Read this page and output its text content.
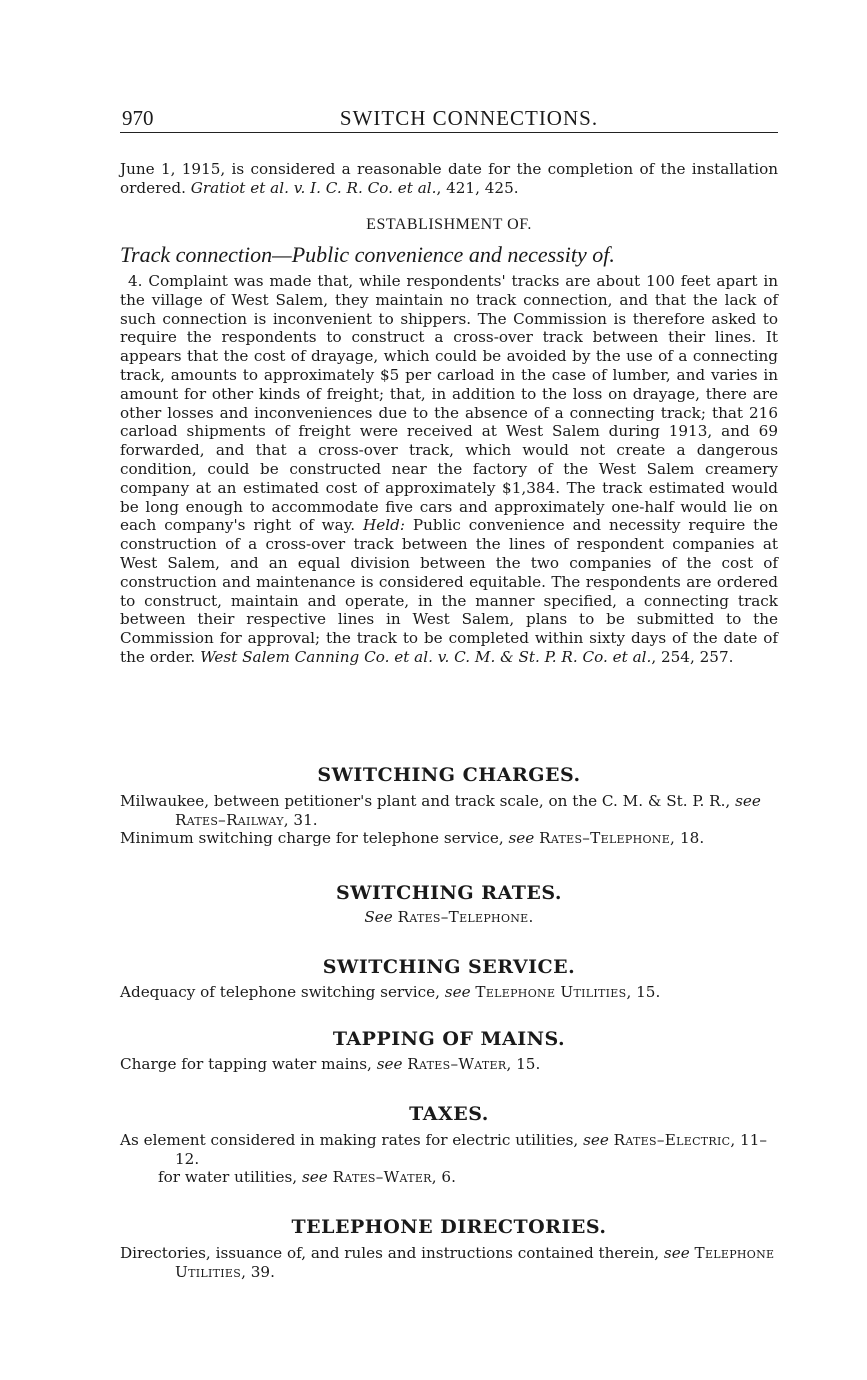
970	SWITCH CONNECTIONS.
June 1, 1915, is considered a reasonable date for the completion of the installation ordered. Gratiot et al. v. I. C. R. Co. et al., 421, 425.
ESTABLISHMENT OF.
Track connection—Public convenience and necessity of.
4. Complaint was made that, while respondents' tracks are about 100 feet apart in the village of West Salem, they maintain no track connection, and that the lack of such connection is inconvenient to shippers. The Commission is therefore asked to require the respondents to construct a cross-over track between their lines. It appears that the cost of drayage, which could be avoided by the use of a connecting track, amounts to approximately $5 per carload in the case of lumber, and varies in amount for other kinds of freight; that, in addition to the loss on drayage, there are other losses and inconveniences due to the absence of a connecting track; that 216 carload shipments of freight were received at West Salem during 1913, and 69 forwarded, and that a cross-over track, which would not create a dangerous condition, could be constructed near the factory of the West Salem creamery company at an estimated cost of approximately $1,384. The track estimated would be long enough to accommodate five cars and approximately one-half would lie on each company's right of way. Held: Public convenience and necessity require the construction of a cross-over track between the lines of respondent companies at West Salem, and an equal division between the two companies of the cost of construction and maintenance is considered equitable. The respondents are ordered to construct, maintain and operate, in the manner specified, a connecting track between their respective lines in West Salem, plans to be submitted to the Commission for approval; the track to be completed within sixty days of the date of the order. West Salem Canning Co. et al. v. C. M. & St. P. R. Co. et al., 254, 257.
SWITCHING CHARGES.
Milwaukee, between petitioner's plant and track scale, on the C. M. & St. P. R., see Rates–Railway, 31.
Minimum switching charge for telephone service, see Rates–Telephone, 18.
SWITCHING RATES.
See Rates–Telephone.
SWITCHING SERVICE.
Adequacy of telephone switching service, see Telephone Utilities, 15.
TAPPING OF MAINS.
Charge for tapping water mains, see Rates–Water, 15.
TAXES.
As element considered in making rates for electric utilities, see Rates–Electric, 11–12.
for water utilities, see Rates–Water, 6.
TELEPHONE DIRECTORIES.
Directories, issuance of, and rules and instructions contained therein, see Telephone Utilities, 39.
